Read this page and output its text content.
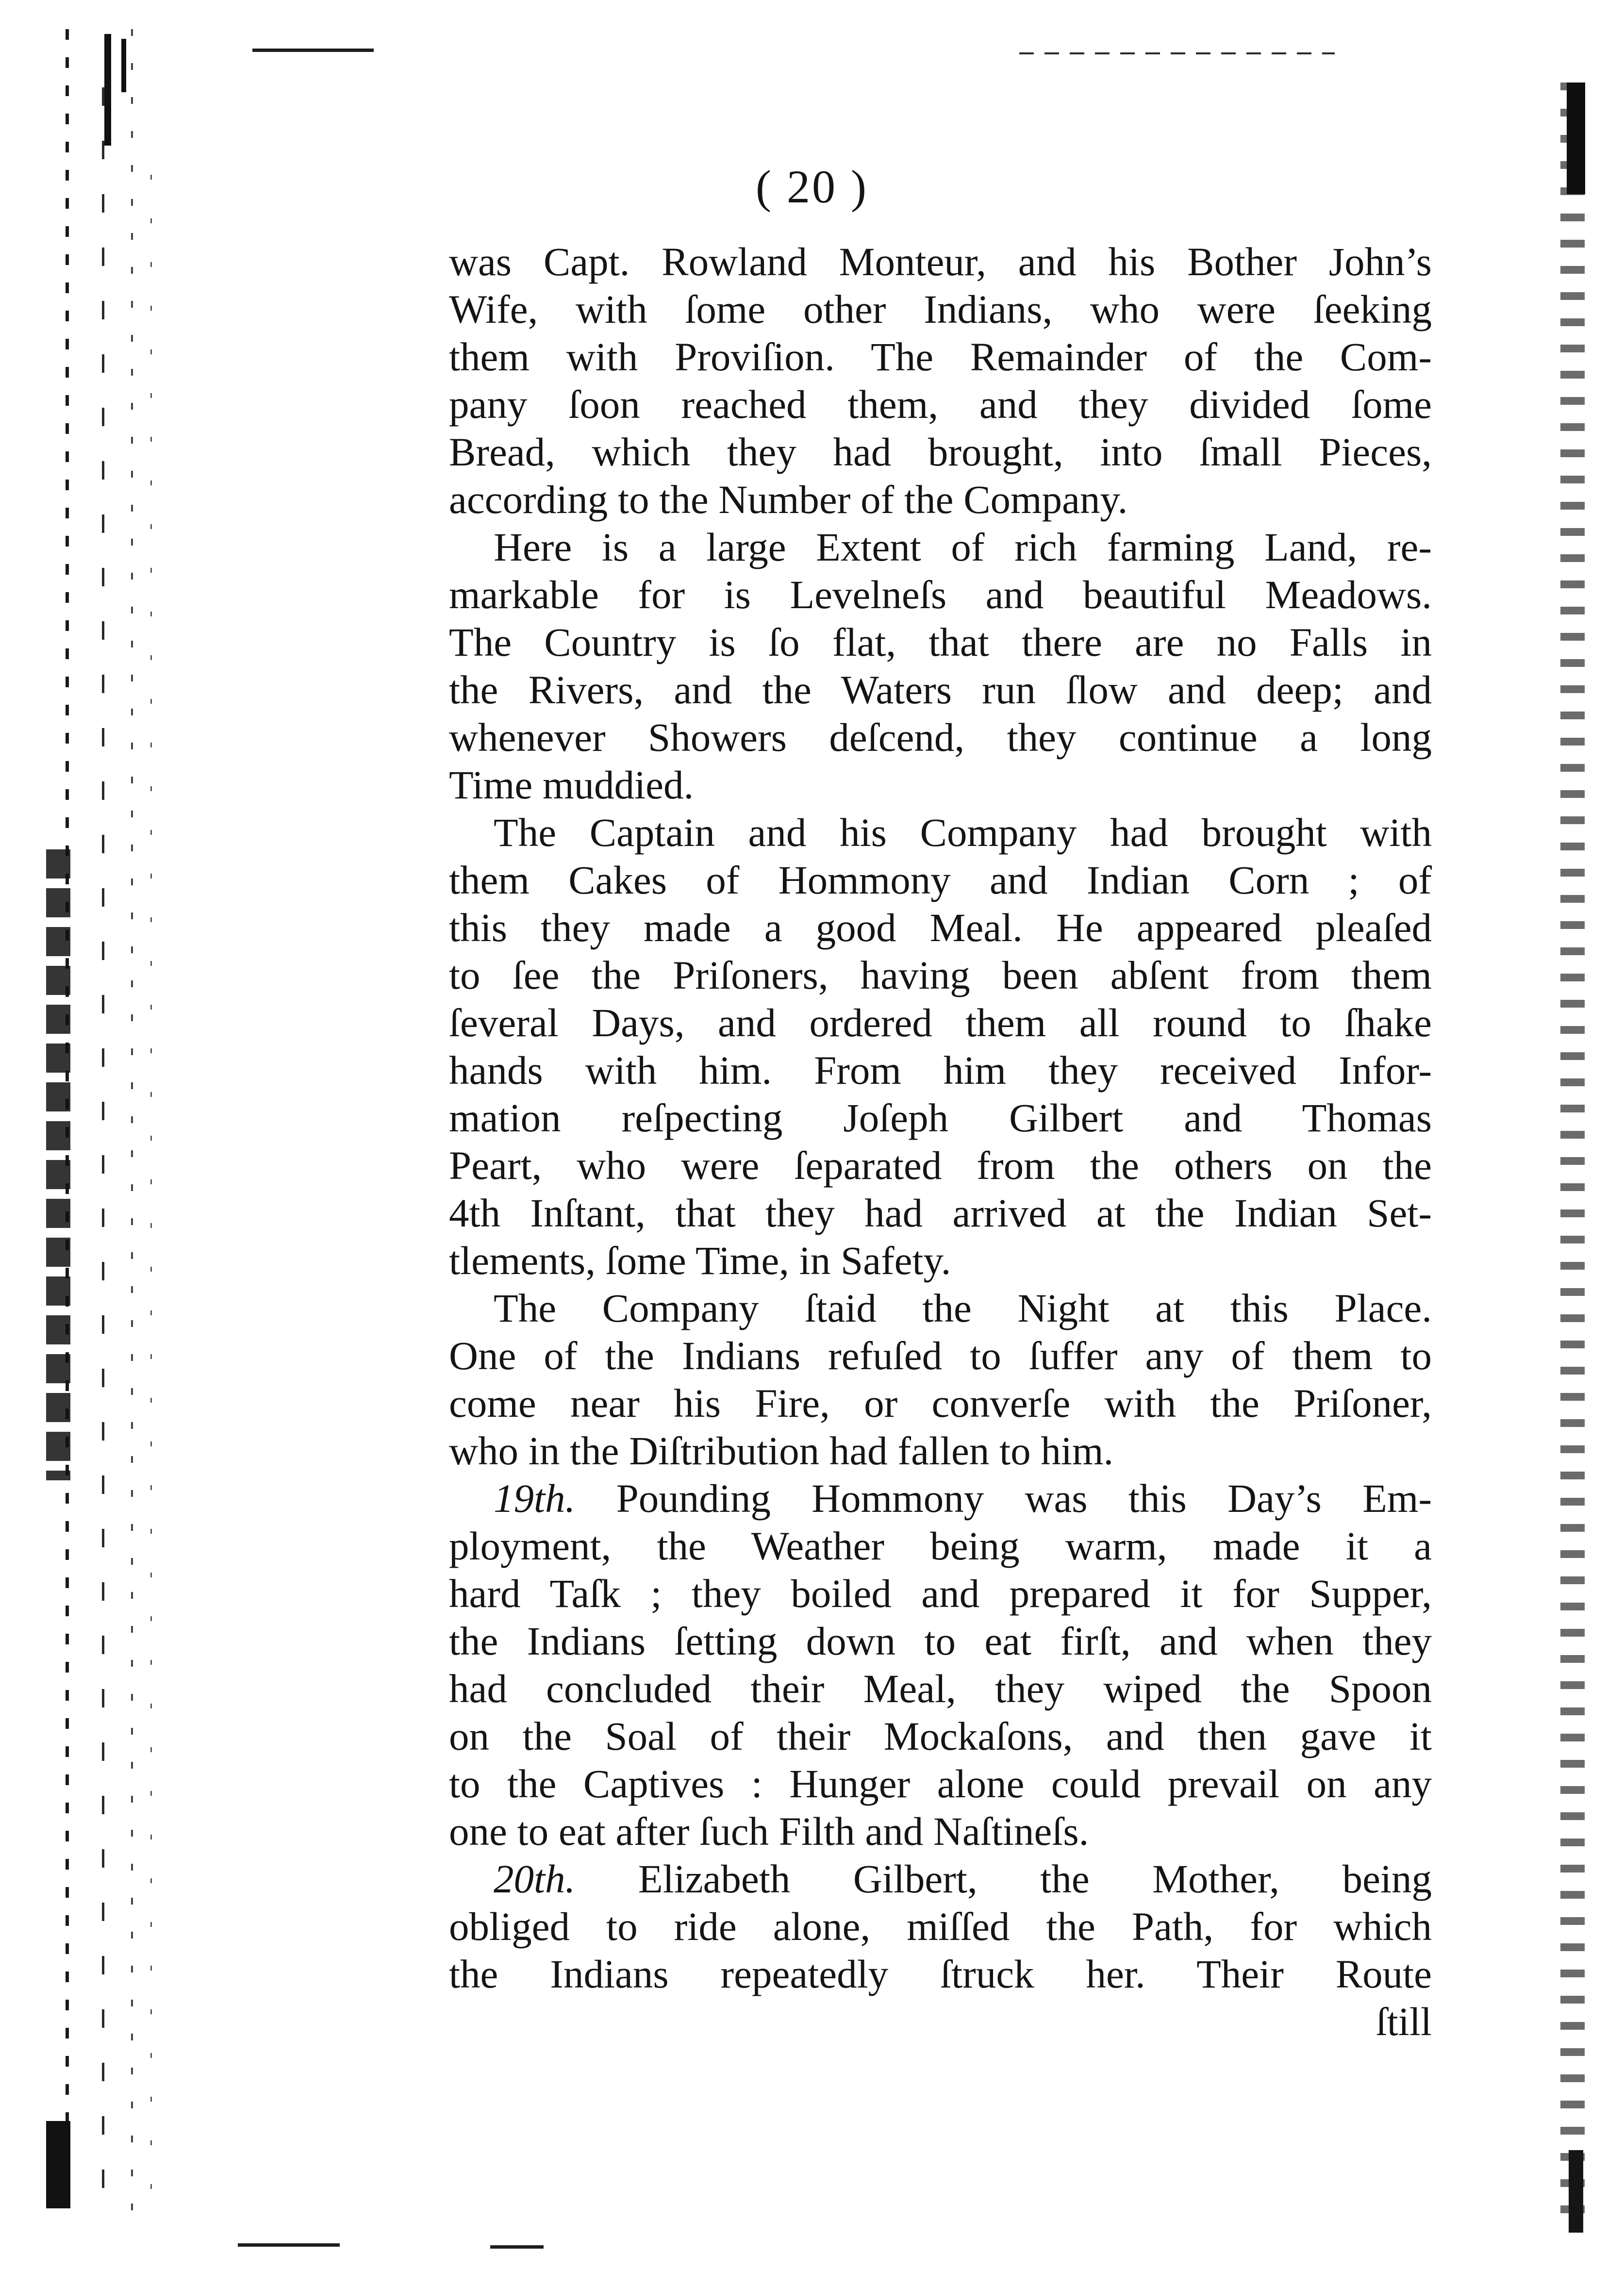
( 20 )
was Capt. Rowland Monteur, and his Bother John’s
Wife, with ſome other Indians, who were ſeeking
them with Proviſion. The Remainder of the Com-
pany ſoon reached them, and they divided ſome
Bread, which they had brought, into ſmall Pieces,
according to the Number of the Company.
Here is a large Extent of rich farming Land, re-
markable for is Levelneſs and beautiful Meadows.
The Country is ſo flat, that there are no Falls in
the Rivers, and the Waters run ſlow and deep; and
whenever Showers deſcend, they continue a long
Time muddied.
The Captain and his Company had brought with
them Cakes of Hommony and Indian Corn ; of
this they made a good Meal. He appeared pleaſed
to ſee the Priſoners, having been abſent from them
ſeveral Days, and ordered them all round to ſhake
hands with him. From him they received Infor-
mation reſpecting Joſeph Gilbert and Thomas
Peart, who were ſeparated from the others on the
4th Inſtant, that they had arrived at the Indian Set-
tlements, ſome Time, in Safety.
The Company ſtaid the Night at this Place.
One of the Indians refuſed to ſuffer any of them to
come near his Fire, or converſe with the Priſoner,
who in the Diſtribution had fallen to him.
19th. Pounding Hommony was this Day’s Em-
ployment, the Weather being warm, made it a
hard Taſk ; they boiled and prepared it for Supper,
the Indians ſetting down to eat firſt, and when they
had concluded their Meal, they wiped the Spoon
on the Soal of their Mockaſons, and then gave it
to the Captives : Hunger alone could prevail on any
one to eat after ſuch Filth and Naſtineſs.
20th. Elizabeth Gilbert, the Mother, being
obliged to ride alone, miſſed the Path, for which
the Indians repeatedly ſtruck her. Their Route
ſtill
